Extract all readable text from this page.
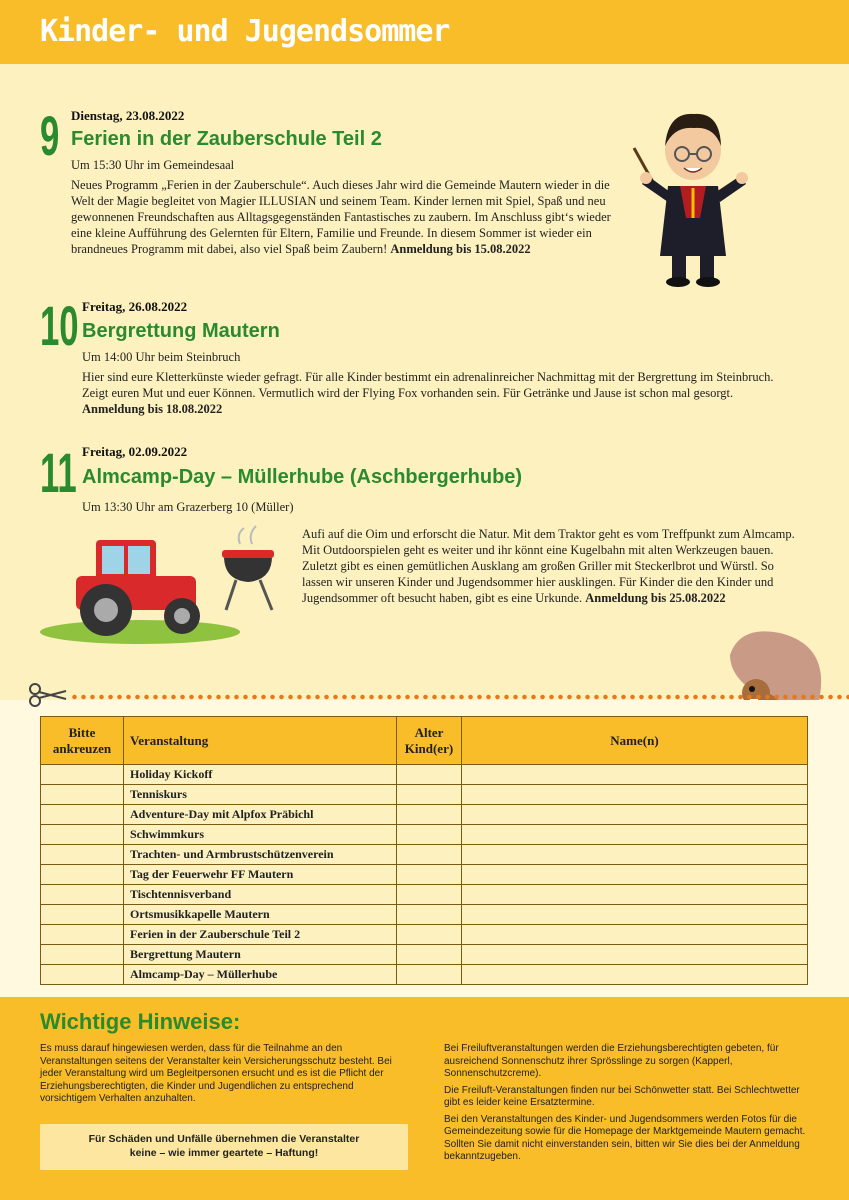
Kinder- und Jugendsommer
9 Dienstag, 23.08.2022
Ferien in der Zauberschule Teil 2
Um 15:30 Uhr im Gemeindesaal
Neues Programm „Ferien in der Zauberschule“. Auch dieses Jahr wird die Gemeinde Mautern wieder in die Welt der Magie begleitet von Magier ILLUSIAN und seinem Team. Kinder lernen mit Spiel, Spaß und neu gewonnenen Freundschaften aus Alltagsgegenständen Fantastisches zu zaubern. Im Anschluss gibt‘s wieder eine kleine Aufführung des Gelernten für Eltern, Familie und Freunde. In diesem Sommer ist wieder ein brandneues Programm mit dabei, also viel Spaß beim Zaubern! Anmeldung bis 15.08.2022
10 Freitag, 26.08.2022
Bergrettung Mautern
Um 14:00 Uhr beim Steinbruch
Hier sind eure Kletterkünste wieder gefragt. Für alle Kinder bestimmt ein adrenalinreicher Nachmittag mit der Bergrettung im Steinbruch. Zeigt euren Mut und euer Können. Vermutlich wird der Flying Fox vorhanden sein. Für Getränke und Jause ist schon mal gesorgt. Anmeldung bis 18.08.2022
11 Freitag, 02.09.2022
Almcamp-Day – Müllerhube (Aschbergerhube)
Um 13:30 Uhr am Grazerberg 10 (Müller)
Aufi auf die Oim und erforscht die Natur. Mit dem Traktor geht es vom Treffpunkt zum Almcamp. Mit Outdoorspielen geht es weiter und ihr könnt eine Kugelbahn mit alten Werkzeugen bauen. Zuletzt gibt es einen gemütlichen Ausklang am großen Griller mit Steckerlbrot und Würstl. So lassen wir unseren Kinder und Jugendsommer hier ausklingen. Für Kinder die den Kinder und Jugendsommer oft besucht haben, gibt es eine Urkunde. Anmeldung bis 25.08.2022
Bitte ankreuzen	Veranstaltung	Alter Kind(er)	Name(n)
	Holiday Kickoff		
	Tenniskurs		
	Adventure-Day mit Alpfox Präbichl		
	Schwimmkurs		
	Trachten- und Armbrustschützenverein		
	Tag der Feuerwehr FF Mautern		
	Tischtennisverband		
	Ortsmusikkapelle Mautern		
	Ferien in der Zauberschule Teil 2		
	Bergrettung Mautern		
	Almcamp-Day – Müllerhube		
Wichtige Hinweise:
Es muss darauf hingewiesen werden, dass für die Teilnahme an den Veranstaltungen seitens der Veranstalter kein Versicherungsschutz besteht. Bei jeder Veranstaltung wird um Begleitpersonen ersucht und es ist die Pflicht der Erziehungsberechtigten, die Kinder und Jugendlichen zu entsprechend vorsichtigem Verhalten anzuhalten.
Für Schäden und Unfälle übernehmen die Veranstalter
keine – wie immer geartete – Haftung!

Bei Freiluftveranstaltungen werden die Erziehungsberechtigten gebeten, für ausreichend Sonnenschutz ihrer Sprösslinge zu sorgen (Kapperl, Sonnenschutzcreme).

Die Freiluft-Veranstaltungen finden nur bei Schönwetter statt. Bei Schlechtwetter gibt es leider keine Ersatztermine.

Bei den Veranstaltungen des Kinder- und Jugendsommers werden Fotos für die Gemeindezeitung sowie für die Homepage der Marktgemeinde Mautern gemacht. Sollten Sie damit nicht einverstanden sein, bitten wir Sie dies bei der Anmeldung bekanntzugeben.
